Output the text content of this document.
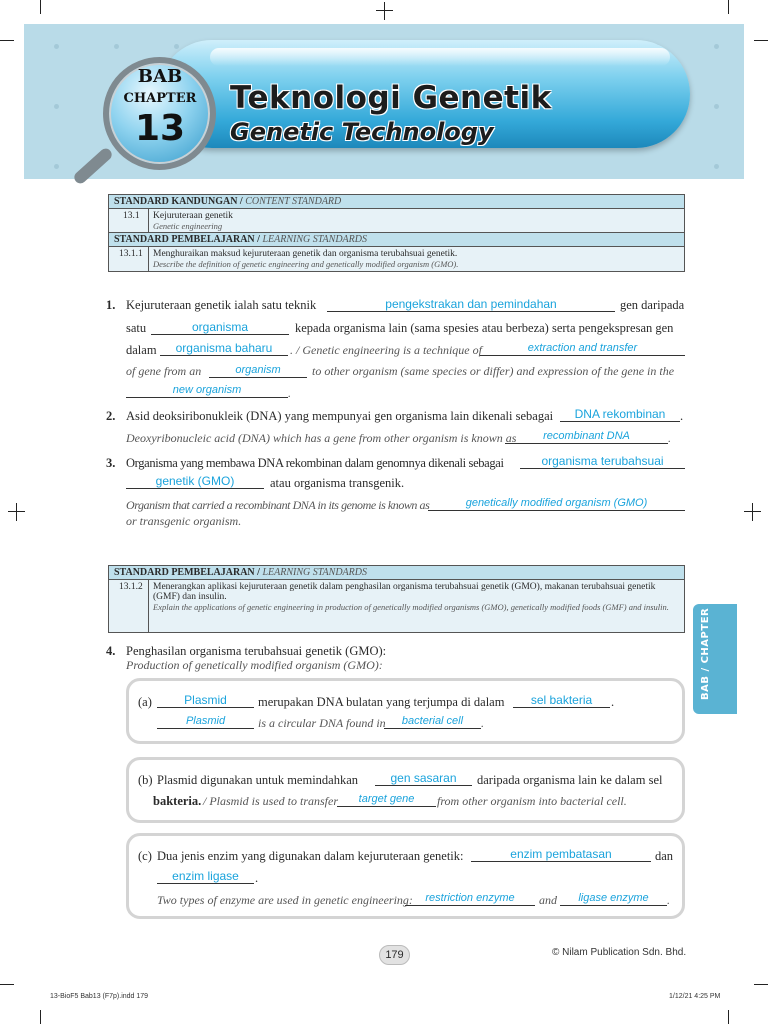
Teknologi Genetik
Genetic Technology
BAB
CHAPTER
13
STANDARD KANDUNGAN / CONTENT STANDARD
13.1	Kejuruteraan genetik
Genetic engineering
STANDARD PEMBELAJARAN / LEARNING STANDARDS
13.1.1	Menghuraikan maksud kejuruteraan genetik dan organisma terubahsuai genetik.
Describe the definition of genetic engineering and genetically modified organism (GMO).
1. Kejuruteraan genetik ialah satu teknik	pengekstrakan dan pemindahan	gen daripada
satu	organisma	kepada organisma lain (sama spesies atau berbeza) serta pengekspresan gen
dalam	organisma baharu	. / Genetic engineering is a technique of	extraction and transfer
of gene from an	organism	to other organism (same species or differ) and expression of the gene in the
new organism	.
2. Asid deoksiribonukleik (DNA) yang mempunyai gen organisma lain dikenali sebagai	DNA rekombinan	.
Deoxyribonucleic acid (DNA) which has a gene from other organism is known as	recombinant DNA	.
3. Organisma yang membawa DNA rekombinan dalam genomnya dikenali sebagai	organisma terubahsuai
genetik (GMO)	atau organisma transgenik.
Organism that carried a recombinant DNA in its genome is known as	genetically modified organism (GMO)
or transgenic organism.
STANDARD PEMBELAJARAN / LEARNING STANDARDS
13.1.2	Menerangkan aplikasi kejuruteraan genetik dalam penghasilan organisma terubahsuai genetik (GMO), makanan terubahsuai genetik (GMF) dan insulin.
Explain the applications of genetic engineering in production of genetically modified organisms (GMO), genetically modified foods (GMF) and insulin.
4. Penghasilan organisma terubahsuai genetik (GMO):
Production of genetically modified organism (GMO):
(a)	Plasmid	merupakan DNA bulatan yang terjumpa di dalam	sel bakteria	.
Plasmid	is a circular DNA found in	bacterial cell	.
(b) Plasmid digunakan untuk memindahkan	gen sasaran	daripada organisma lain ke dalam sel
bakteria. / Plasmid is used to transfer	target gene	from other organism into bacterial cell.
(c) Dua jenis enzim yang digunakan dalam kejuruteraan genetik:	enzim pembatasan	dan
enzim ligase	.
Two types of enzyme are used in genetic engineering:	restriction enzyme	and	ligase enzyme	.
BAB / CHAPTER 13
179	© Nilam Publication Sdn. Bhd.
13-BioF5 Bab13 (F7p).indd 179	1/12/21 4:25 PM
